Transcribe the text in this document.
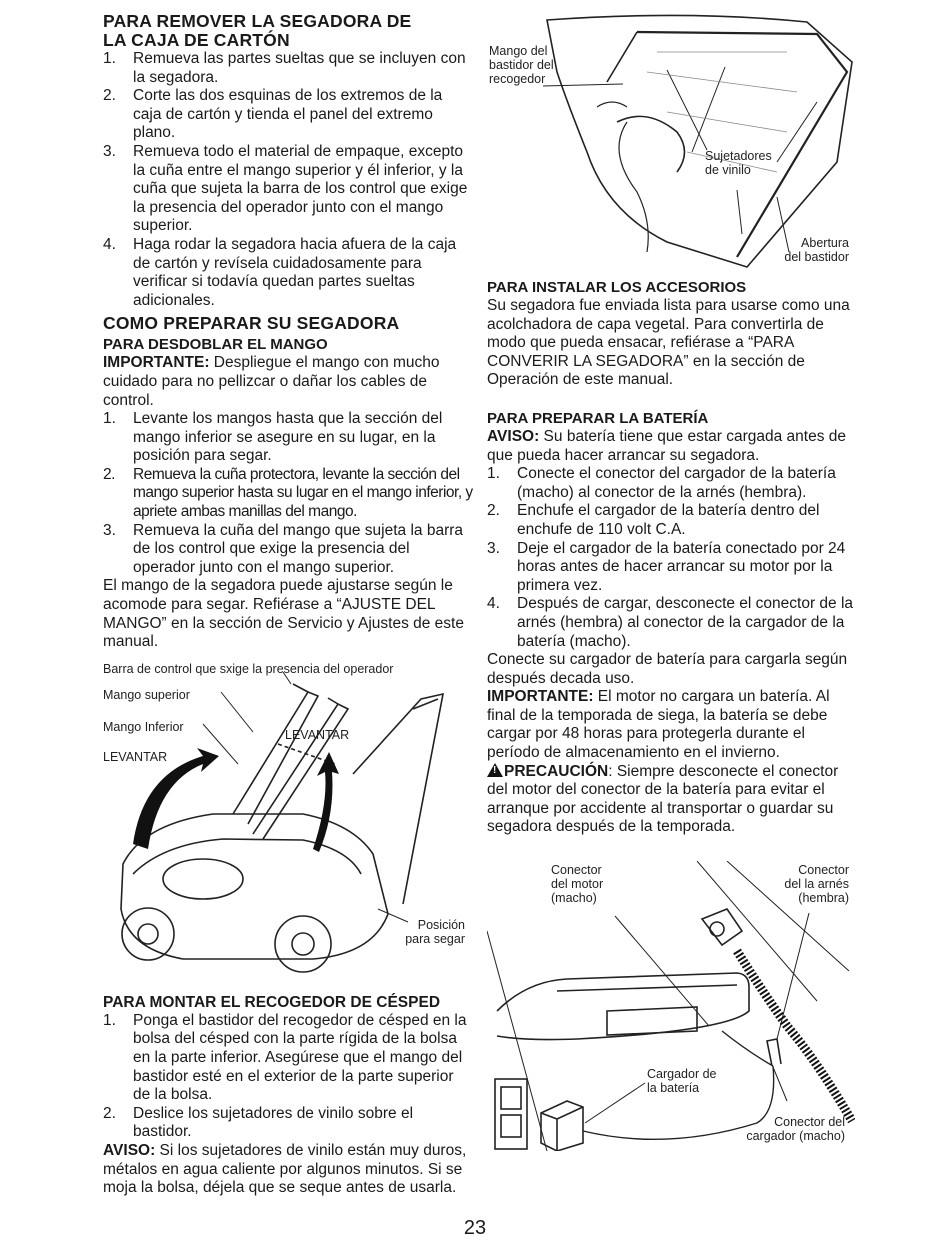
PARA REMOVER LA SEGADORA DE
LA CAJA DE CARTÓN
1. Remueva las partes sueltas que se incluyen con la segadora.
2. Corte las dos esquinas de los extremos de la caja de cartón y tienda el panel del extremo plano.
3. Remueva todo el material de empaque, excepto la cuña entre el mango superior y él inferior, y la cuña que sujeta la barra de los control que exige la presencia del operador junto con el mango superior.
4. Haga rodar la segadora hacia afuera de la caja de cartón y revísela cuidadosamente para verificar si todavía quedan partes sueltas adicionales.
COMO PREPARAR SU SEGADORA
PARA DESDOBLAR EL MANGO

IMPORTANTE: Despliegue el mango con mucho cuidado para no pellizcar o dañar los cables de control.

1. Levante los mangos hasta que la sección del mango inferior se asegure en su lugar, en la posición para segar.
2. Remueva la cuña protectora, levante la sección del mango superior hasta su lugar en el mango inferior, y apriete ambas manillas del mango.
3. Remueva la cuña del mango que sujeta la barra de los control que exige la presencia del operador junto con el mango superior.

El mango de la segadora puede ajustarse según le acomode para segar. Refiérase a “AJUSTE DEL MANGO” en la sección de Servicio y Ajustes de este manual.

Barra de control que sxige la presencia del operador
Mango superior
Mango Inferior
LEVANTAR
LEVANTAR
Posición
para segar
PARA MONTAR EL RECOGEDOR DE CÉSPED
1. Ponga el bastidor del recogedor de césped en la bolsa del césped con la parte rígida de la bolsa en la parte inferior. Asegúrese que el mango del bastidor esté en el exterior de la parte superior de la bolsa.
2. Deslice los sujetadores de vinilo sobre el bastidor.

AVISO: Si los sujetadores de vinilo están muy duros, métalos en agua caliente por algunos minutos. Si se moja la bolsa, déjela que se seque antes de usarla.

Mango del
bastidor del
recogedor
Sujetadores
de vinilo
Abertura
del bastidor
PARA INSTALAR LOS ACCESORIOS

Su segadora fue enviada lista para usarse como una acolchadora de capa vegetal. Para convertirla de modo que pueda ensacar, refiérase a “PARA CONVERIR LA SEGADORA” en la sección de Operación de este manual.

PARA PREPARAR LA BATERÍA

AVISO: Su batería tiene que estar cargada antes de que pueda hacer arrancar su segadora.

1. Conecte el conector del cargador de la batería (macho) al conector de la arnés (hembra).
2. Enchufe el cargador de la batería dentro del enchufe de 110 volt C.A.
3. Deje el cargador de la batería conectado por 24 horas antes de hacer arrancar su motor por la primera vez.
4. Después de cargar, desconecte el conector de la arnés (hembra) al conector de la cargador de la batería (macho).

Conecte su cargador de batería para cargarla según después decada uso.

IMPORTANTE: El motor no cargara un batería. Al final de la temporada de siega, la batería se debe cargar por 48 horas para protegerla durante el período de almacenamiento en el invierno.

!PRECAUCIÓN: Siempre desconecte el conector del motor del conector de la batería para evitar el arranque por accidente al transportar o guardar su segadora después de la temporada.

Conector
del motor
(macho)
Conector
del la arnés
(hembra)
Cargador de
la batería
Conector del
cargador (macho)
23
